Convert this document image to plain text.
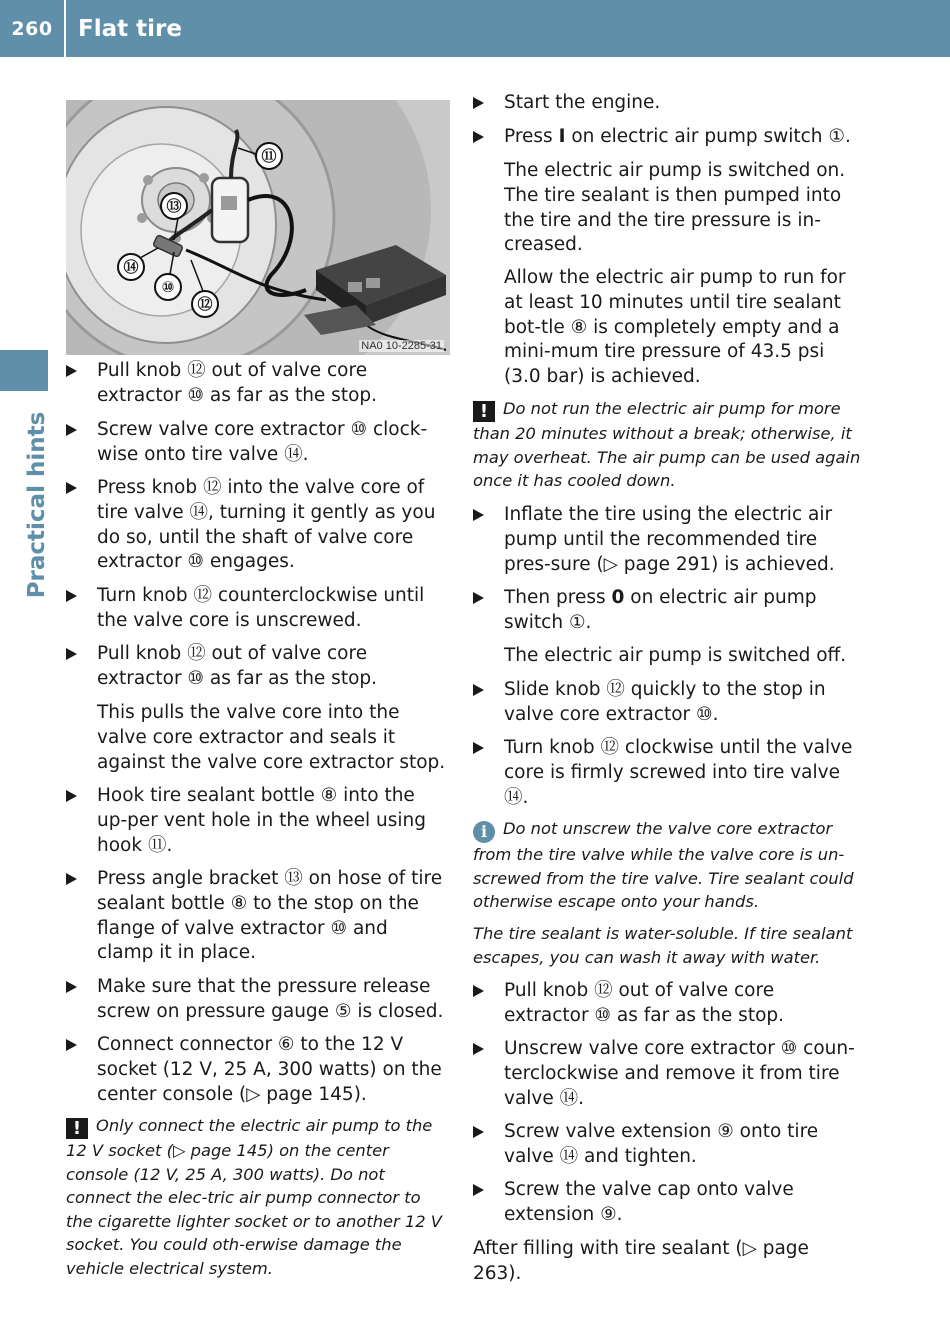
260	Flat tire
Practical hints
⑪
⑬
⑭
⑩
⑫
NA0 10-2285-31
Pull knob ⑫ out of valve core extractor ⑩ as far as the stop.
Screw valve core extractor ⑩ clock-wise onto tire valve ⑭.
Press knob ⑫ into the valve core of tire valve ⑭, turning it gently as you do so, until the shaft of valve core extractor ⑩ engages.
Turn knob ⑫ counterclockwise until the valve core is unscrewed.
Pull knob ⑫ out of valve core extractor ⑩ as far as the stop.
This pulls the valve core into the valve core extractor and seals it against the valve core extractor stop.
Hook tire sealant bottle ⑧ into the up-per vent hole in the wheel using hook ⑪.
Press angle bracket ⑬ on hose of tire sealant bottle ⑧ to the stop on the flange of valve extractor ⑩ and clamp it in place.
Make sure that the pressure release screw on pressure gauge ⑤ is closed.
Connect connector ⑥ to the 12 V socket (12 V, 25 A, 300 watts) on the center console (▷ page 145).
! Only connect the electric air pump to the 12 V socket (▷ page 145) on the center console (12 V, 25 A, 300 watts). Do not connect the elec-tric air pump connector to the cigarette lighter socket or to another 12 V socket. You could oth-erwise damage the vehicle electrical system.
Start the engine.
Press I on electric air pump switch ①.
The electric air pump is switched on. The tire sealant is then pumped into the tire and the tire pressure is in-creased.
Allow the electric air pump to run for at least 10 minutes until tire sealant bot-tle ⑧ is completely empty and a mini-mum tire pressure of 43.5 psi (3.0 bar) is achieved.
! Do not run the electric air pump for more than 20 minutes without a break; otherwise, it may overheat. The air pump can be used again once it has cooled down.
Inflate the tire using the electric air pump until the recommended tire pres-sure (▷ page 291) is achieved.
Then press 0 on electric air pump switch ①.
The electric air pump is switched off.
Slide knob ⑫ quickly to the stop in valve core extractor ⑩.
Turn knob ⑫ clockwise until the valve core is firmly screwed into tire valve ⑭.
i Do not unscrew the valve core extractor from the tire valve while the valve core is un-screwed from the tire valve. Tire sealant could otherwise escape onto your hands.
The tire sealant is water-soluble. If tire sealant escapes, you can wash it away with water.
Pull knob ⑫ out of valve core extractor ⑩ as far as the stop.
Unscrew valve core extractor ⑩ coun-terclockwise and remove it from tire valve ⑭.
Screw valve extension ⑨ onto tire valve ⑭ and tighten.
Screw the valve cap onto valve extension ⑨.
After filling with tire sealant (▷ page 263).
